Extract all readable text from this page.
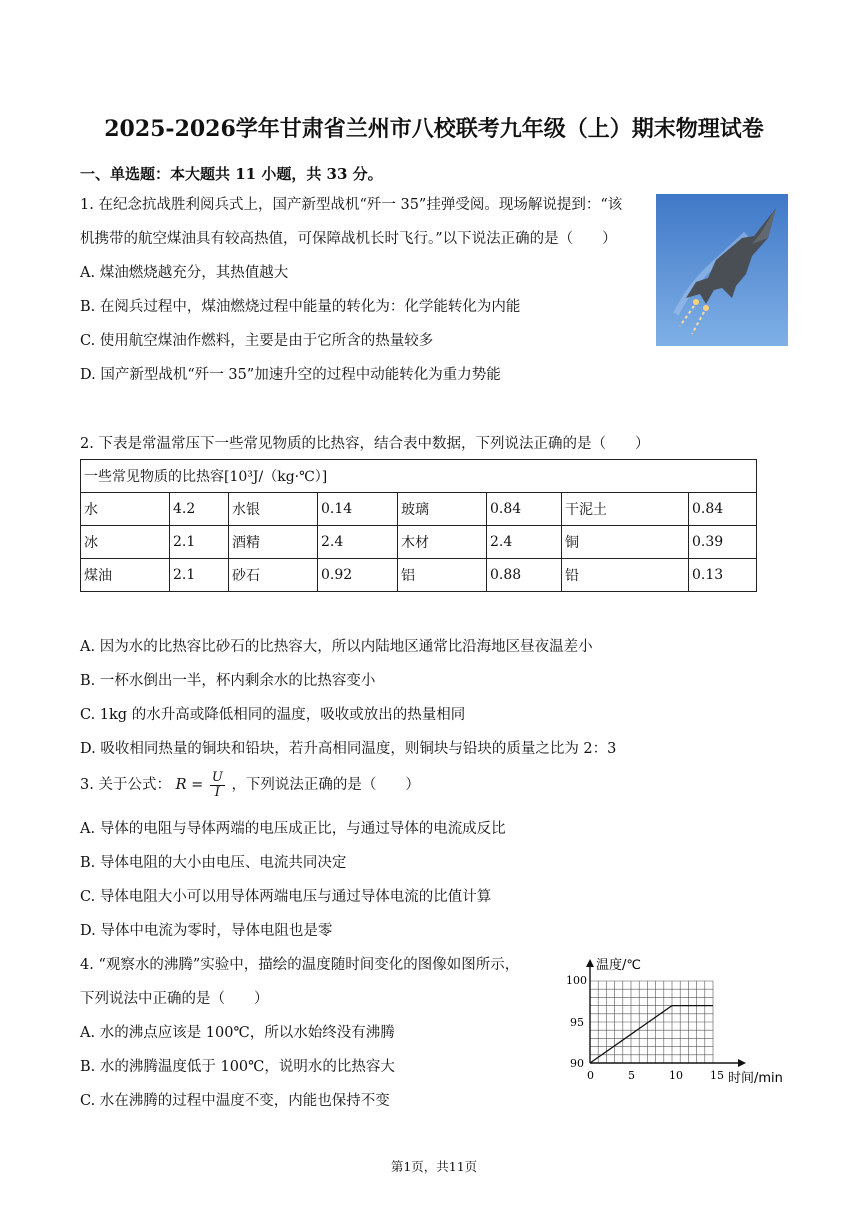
2025-2026学年甘肃省兰州市八校联考九年级（上）期末物理试卷
一、单选题：本大题共 11 小题，共 33 分。
1. 在纪念抗战胜利阅兵式上，国产新型战机“歼一 35”挂弹受阅。现场解说提到：“该
机携带的航空煤油具有较高热值，可保障战机长时飞行。”以下说法正确的是（　　）
A. 煤油燃烧越充分，其热值越大
B. 在阅兵过程中，煤油燃烧过程中能量的转化为：化学能转化为内能
C. 使用航空煤油作燃料，主要是由于它所含的热量较多
D. 国产新型战机“歼一 35”加速升空的过程中动能转化为重力势能
2. 下表是常温常压下一些常见物质的比热容，结合表中数据，下列说法正确的是（　　）
一些常见物质的比热容[10³J/（kg·℃）]							
水	4.2	水银	0.14	玻璃	0.84	干泥土	0.84
冰	2.1	酒精	2.4	木材	2.4	铜	0.39
煤油	2.1	砂石	0.92	铝	0.88	铅	0.13
A. 因为水的比热容比砂石的比热容大，所以内陆地区通常比沿海地区昼夜温差小
B. 一杯水倒出一半，杯内剩余水的比热容变小
C. 1kg 的水升高或降低相同的温度，吸收或放出的热量相同
D. 吸收相同热量的铜块和铅块，若升高相同温度，则铜块与铅块的质量之比为 2：3
3. 关于公式： $R = \frac{U}{I}$ ，下列说法正确的是（　　）
A. 导体的电阻与导体两端的电压成正比，与通过导体的电流成反比
B. 导体电阻的大小由电压、电流共同决定
C. 导体电阻大小可以用导体两端电压与通过导体电流的比值计算
D. 导体中电流为零时，导体电阻也是零
4. “观察水的沸腾”实验中，描绘的温度随时间变化的图像如图所示，
下列说法中正确的是（　　）
A. 水的沸点应该是 100℃，所以水始终没有沸腾
B. 水的沸腾温度低于 100℃，说明水的比热容大
C. 水在沸腾的过程中温度不变，内能也保持不变
温度/℃
时间/min
100
95
90
0	5	10 15
第1页，共11页
